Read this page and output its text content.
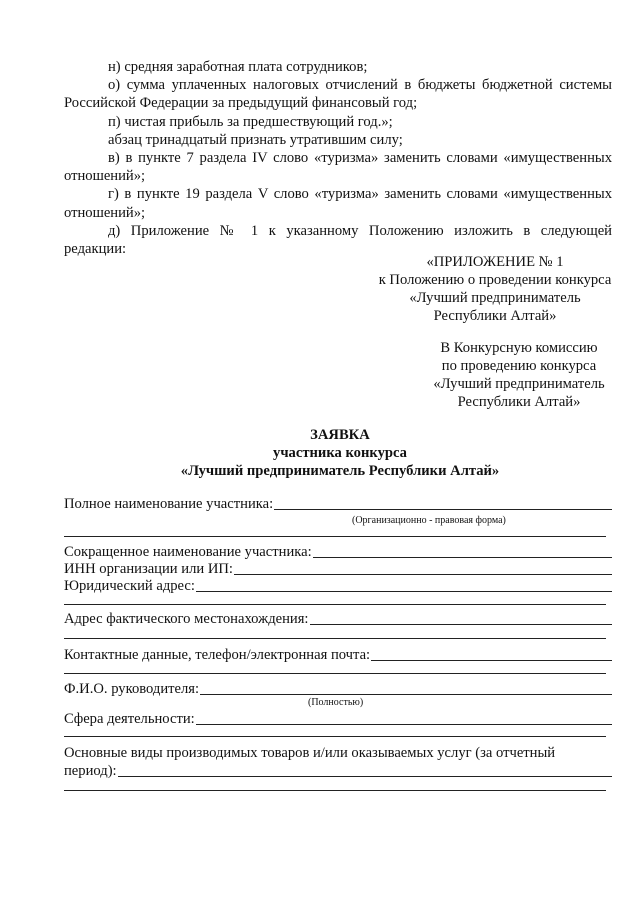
н) средняя заработная плата сотрудников;

о) сумма уплаченных налоговых отчислений в бюджеты бюджетной системы

Российской Федерации за предыдущий финансовый год;

п) чистая прибыль за предшествующий год.»;

абзац тринадцатый признать утратившим силу;

в) в пункте 7 раздела IV слово «туризма» заменить словами «имущественных

отношений»;

г) в пункте 19 раздела V слово «туризма» заменить словами «имущественных

отношений»;

д) Приложение № 1 к указанному Положению изложить в следующей

редакции:

«ПРИЛОЖЕНИЕ № 1
к Положению о проведении конкурса
«Лучший предприниматель
Республики Алтай»
В Конкурсную комиссию
по проведению конкурса
«Лучший предприниматель
Республики Алтай»
ЗАЯВКА
участника конкурса
«Лучший предприниматель Республики Алтай»
Полное наименование участника:
(Организационно - правовая форма)
Сокращенное наименование участника:
ИНН организации или ИП:
Юридический адрес:
Адрес фактического местонахождения:
Контактные данные, телефон/электронная почта:
Ф.И.О. руководителя:
(Полностью)
Сфера деятельности:
Основные виды производимых товаров и/или оказываемых услуг (за отчетный
период):
